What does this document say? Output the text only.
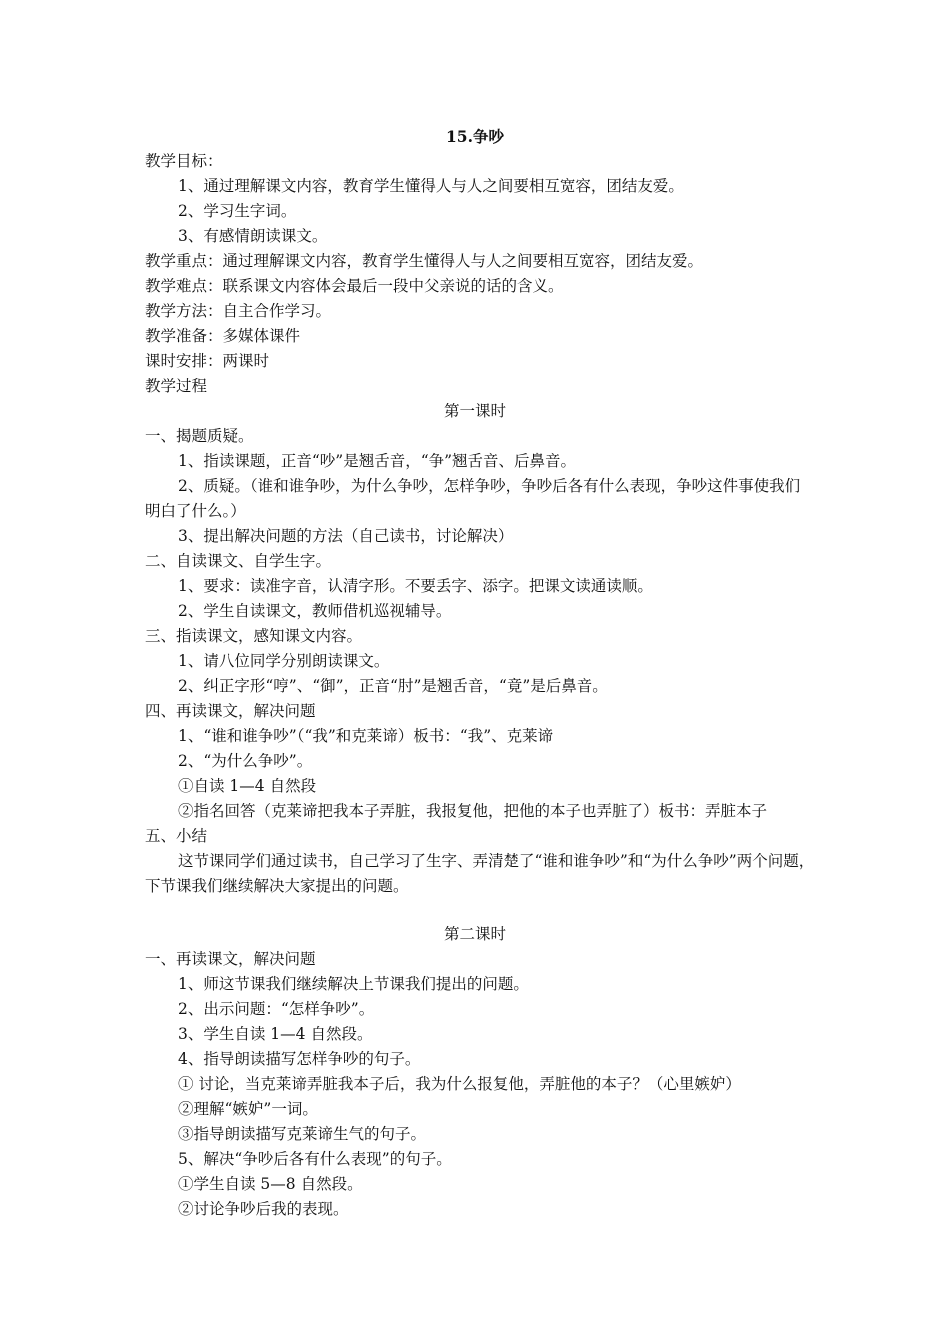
15.争吵
教学目标：
1、通过理解课文内容，教育学生懂得人与人之间要相互宽容，团结友爱。
2、学习生字词。
3、有感情朗读课文。
教学重点：通过理解课文内容，教育学生懂得人与人之间要相互宽容，团结友爱。
教学难点：联系课文内容体会最后一段中父亲说的话的含义。
教学方法：自主合作学习。
教学准备：多媒体课件
课时安排：两课时
教学过程
第一课时
一、揭题质疑。
1、指读课题，正音“吵”是翘舌音，“争”翘舌音、后鼻音。
2、质疑。（谁和谁争吵，为什么争吵，怎样争吵，争吵后各有什么表现，争吵这件事使我们明白了什么。）
3、提出解决问题的方法（自己读书，讨论解决）
二、自读课文、自学生字。
1、要求：读准字音，认清字形。不要丢字、添字。把课文读通读顺。
2、学生自读课文，教师借机巡视辅导。
三、指读课文，感知课文内容。
1、请八位同学分别朗读课文。
2、纠正字形“哼”、“御”，正音“肘”是翘舌音，“竟”是后鼻音。
四、再读课文，解决问题
1、“谁和谁争吵”（“我”和克莱谛）板书：“我”、克莱谛
2、“为什么争吵”。
①自读 1—4 自然段
②指名回答（克莱谛把我本子弄脏，我报复他，把他的本子也弄脏了）板书：弄脏本子
五、小结
这节课同学们通过读书，自己学习了生字、弄清楚了“谁和谁争吵”和“为什么争吵”两个问题，下节课我们继续解决大家提出的问题。
第二课时
一、再读课文，解决问题
1、师这节课我们继续解决上节课我们提出的问题。
2、出示问题：“怎样争吵”。
3、学生自读 1—4 自然段。
4、指导朗读描写怎样争吵的句子。
① 讨论，当克莱谛弄脏我本子后，我为什么报复他，弄脏他的本子？（心里嫉妒）
②理解“嫉妒”一词。
③指导朗读描写克莱谛生气的句子。
5、解决“争吵后各有什么表现”的句子。
①学生自读 5—8 自然段。
②讨论争吵后我的表现。
